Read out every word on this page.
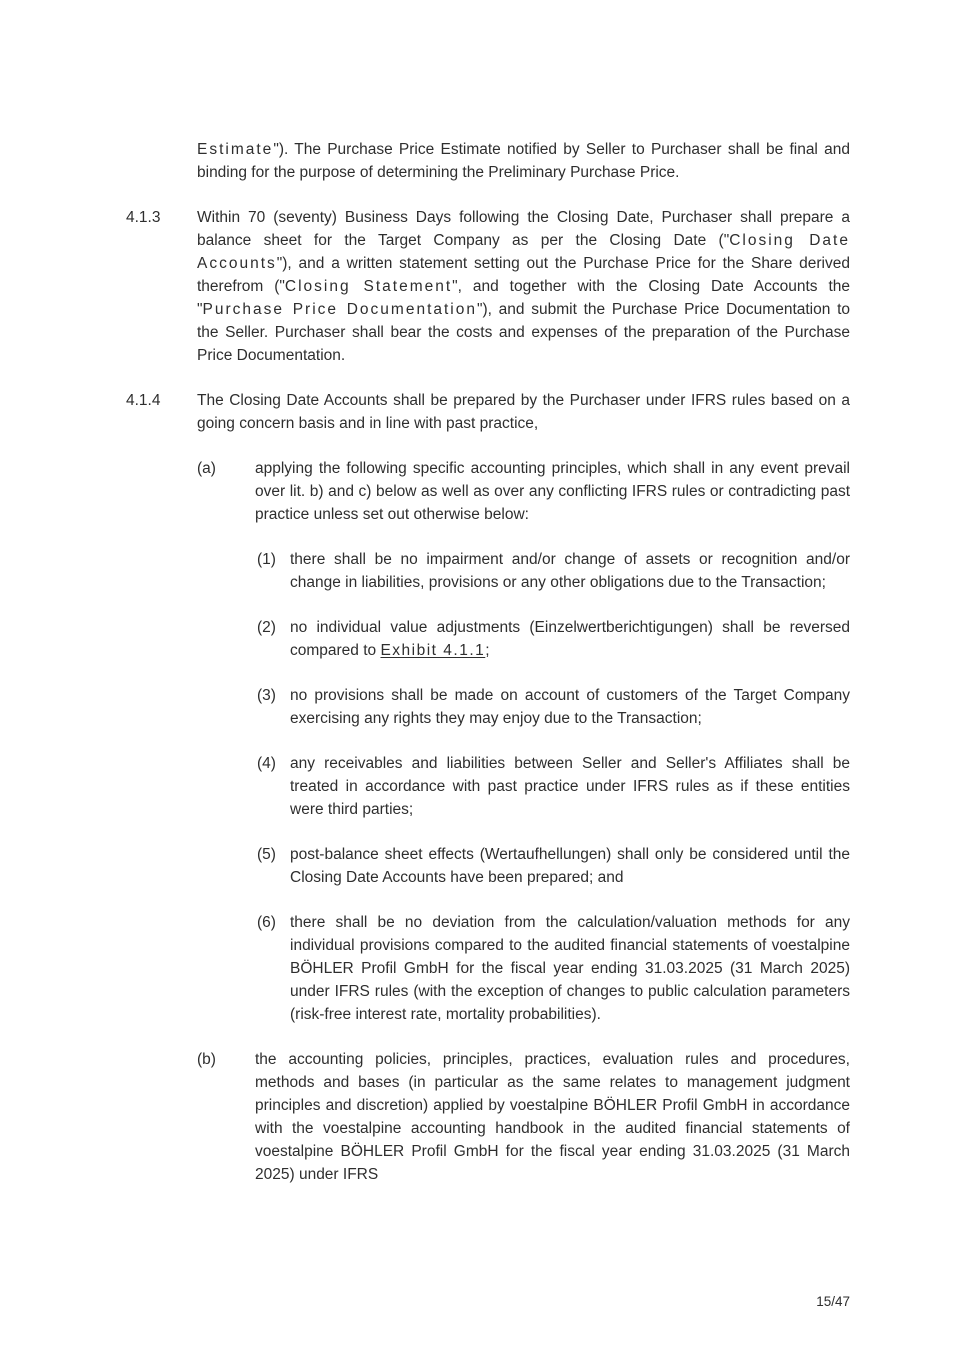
Estimate"). The Purchase Price Estimate notified by Seller to Purchaser shall be final and binding for the purpose of determining the Preliminary Purchase Price.

4.1.3	Within 70 (seventy) Business Days following the Closing Date, Purchaser shall prepare a balance sheet for the Target Company as per the Closing Date ("Closing Date Accounts"), and a written statement setting out the Purchase Price for the Share derived therefrom ("Closing Statement", and together with the Closing Date Accounts the "Purchase Price Documentation"), and submit the Purchase Price Documentation to the Seller. Purchaser shall bear the costs and expenses of the preparation of the Purchase Price Documentation.

4.1.4	The Closing Date Accounts shall be prepared by the Purchaser under IFRS rules based on a going concern basis and in line with past practice,

(a)	applying the following specific accounting principles, which shall in any event prevail over lit. b) and c) below as well as over any conflicting IFRS rules or contradicting past practice unless set out otherwise below:

(1) there shall be no impairment and/or change of assets or recognition and/or change in liabilities, provisions or any other obligations due to the Transaction;

(2) no individual value adjustments (Einzelwertberichtigungen) shall be reversed compared to Exhibit 4.1.1;

(3) no provisions shall be made on account of customers of the Target Company exercising any rights they may enjoy due to the Transaction;

(4) any receivables and liabilities between Seller and Seller's Affiliates shall be treated in accordance with past practice under IFRS rules as if these entities were third parties;

(5) post-balance sheet effects (Wertaufhellungen) shall only be considered until the Closing Date Accounts have been prepared; and

(6) there shall be no deviation from the calculation/valuation methods for any individual provisions compared to the audited financial statements of voestalpine BÖHLER Profil GmbH for the fiscal year ending 31.03.2025 (31 March 2025) under IFRS rules (with the exception of changes to public calculation parameters (risk-free interest rate, mortality probabilities).

(b)	the accounting policies, principles, practices, evaluation rules and procedures, methods and bases (in particular as the same relates to management judgment principles and discretion) applied by voestalpine BÖHLER Profil GmbH in accordance with the voestalpine accounting handbook in the audited financial statements of voestalpine BÖHLER Profil GmbH for the fiscal year ending 31.03.2025 (31 March 2025) under IFRS

15/47
